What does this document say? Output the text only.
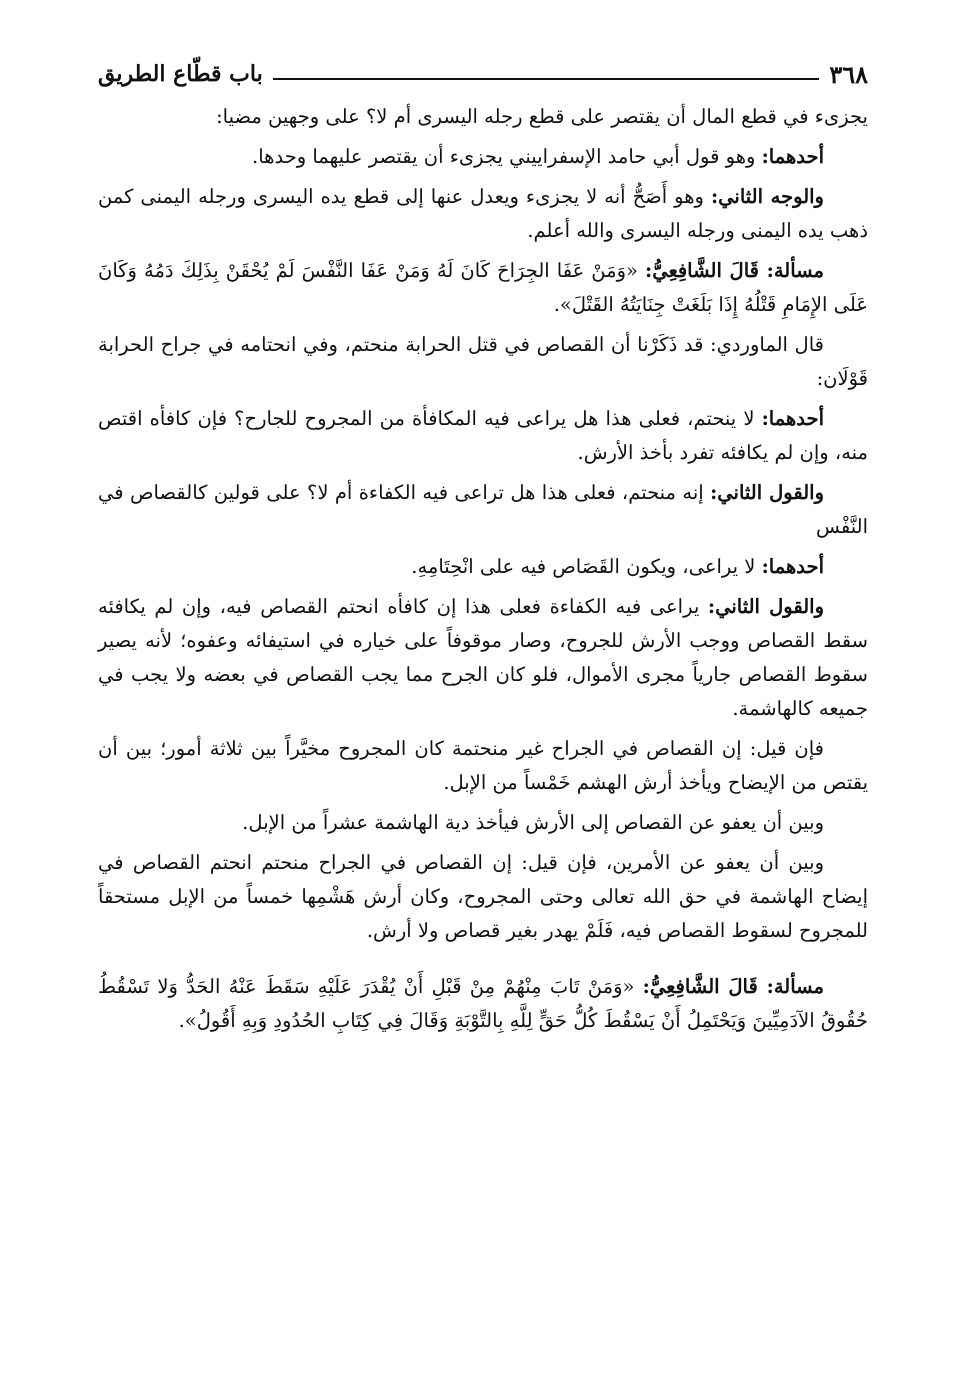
٣٦٨
باب قطّاع الطريق

يجزىء في قطع المال أن يقتصر على قطع رجله اليسرى أم لا؟ على وجهين مضيا:

أحدهما: وهو قول أبي حامد الإسفراييني يجزىء أن يقتصر عليهما وحدها.

والوجه الثاني: وهو أَصَحُّ أنه لا يجزىء ويعدل عنها إلى قطع يده اليسرى ورجله اليمنى كمن ذهب يده اليمنى ورجله اليسرى والله أعلم.

مسألة: قَالَ الشَّافِعِيُّ: «وَمَنْ عَفَا الجِرَاحَ كَانَ لَهُ وَمَنْ عَفَا النَّفْسَ لَمْ يُحْقَنْ بِذَلِكَ دَمُهُ وَكَانَ عَلَى الإِمَامِ قَتْلُهُ إِذَا بَلَغَتْ جِنَايَتُهُ القَتْلَ».

قال الماوردي: قد ذَكَرْنا أن القصاص في قتل الحرابة منحتم، وفي انحتامه في جراح الحرابة قَوْلَان:

أحدهما: لا ينحتم، فعلى هذا هل يراعى فيه المكافأة من المجروح للجارح؟ فإن كافأه اقتص منه، وإن لم يكافئه تفرد بأخذ الأرش.

والقول الثاني: إنه منحتم، فعلى هذا هل تراعى فيه الكفاءة أم لا؟ على قولين كالقصاص في النَّفْس

أحدهما: لا يراعى، ويكون القَصَاص فيه على انْحِتَامِهِ.

والقول الثاني: يراعى فيه الكفاءة فعلى هذا إن كافأه انحتم القصاص فيه، وإن لم يكافئه سقط القصاص ووجب الأرش للجروح، وصار موقوفاً على خياره في استيفائه وعفوه؛ لأنه يصير سقوط القصاص جارياً مجرى الأموال، فلو كان الجرح مما يجب القصاص في بعضه ولا يجب في جميعه كالهاشمة.

فإن قيل: إن القصاص في الجراح غير منحتمة كان المجروح مخيَّراً بين ثلاثة أمور؛ بين أن يقتص من الإيضاح ويأخذ أرش الهشم خَمْساً من الإبل.

وبين أن يعفو عن القصاص إلى الأرش فيأخذ دية الهاشمة عشراً من الإبل.

وبين أن يعفو عن الأمرين، فإن قيل: إن القصاص في الجراح منحتم انحتم القصاص في إيضاح الهاشمة في حق الله تعالى وحتى المجروح، وكان أرش هَشْمِها خمساً من الإبل مستحقاً للمجروح لسقوط القصاص فيه، فَلَمْ يهدر بغير قصاص ولا أرش.

مسألة: قَالَ الشَّافِعِيُّ: «وَمَنْ تَابَ مِنْهُمْ مِنْ قَبْلِ أَنْ يُقْدَرَ عَلَيْهِ سَقَطَ عَنْهُ الحَدُّ وَلا تَسْقُطُ حُقُوقُ الآدَمِيِّينَ وَيَحْتَمِلُ أَنْ يَسْقُطَ كُلُّ حَقٍّ لِلَّهِ بِالتَّوْبَةِ وَقَالَ فِي كِتَابِ الحُدُودِ وَبِهِ أَقُولُ».
